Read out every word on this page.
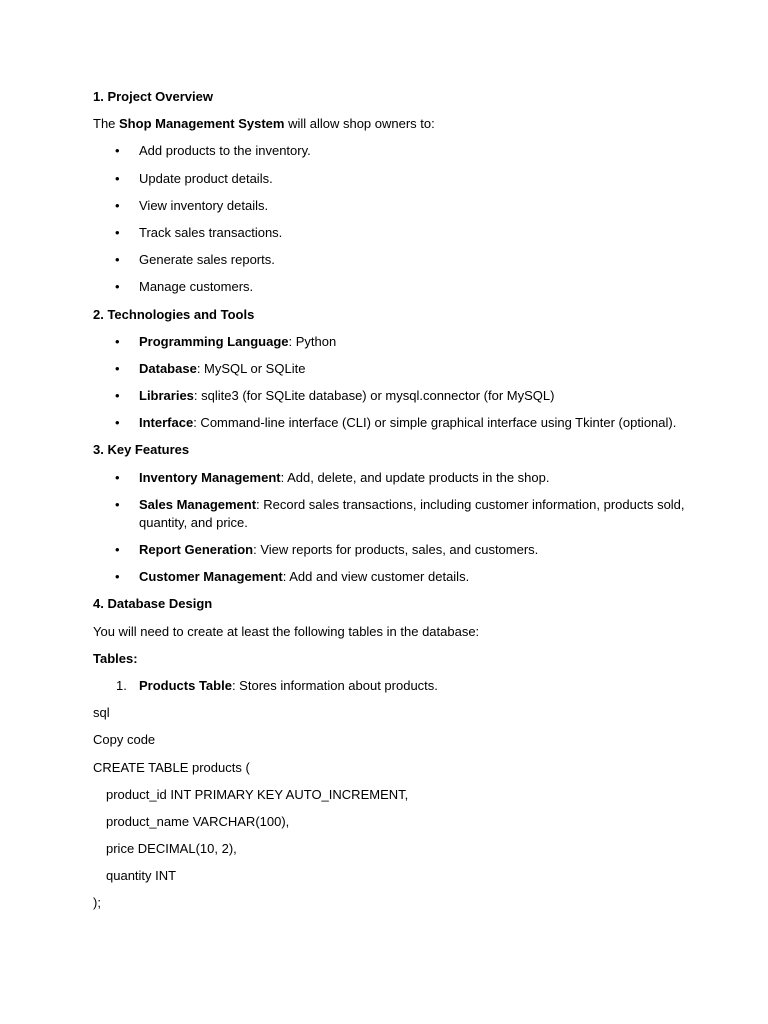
1. Project Overview
The Shop Management System will allow shop owners to:
• Add products to the inventory.
• Update product details.
• View inventory details.
• Track sales transactions.
• Generate sales reports.
• Manage customers.
2. Technologies and Tools
• Programming Language: Python
• Database: MySQL or SQLite
• Libraries: sqlite3 (for SQLite database) or mysql.connector (for MySQL)
• Interface: Command-line interface (CLI) or simple graphical interface using Tkinter (optional).
3. Key Features
• Inventory Management: Add, delete, and update products in the shop.
• Sales Management: Record sales transactions, including customer information, products sold, quantity, and price.
• Report Generation: View reports for products, sales, and customers.
• Customer Management: Add and view customer details.
4. Database Design
You will need to create at least the following tables in the database:
Tables:
1. Products Table: Stores information about products.
sql
Copy code
CREATE TABLE products (
product_id INT PRIMARY KEY AUTO_INCREMENT,
product_name VARCHAR(100),
price DECIMAL(10, 2),
quantity INT
);
